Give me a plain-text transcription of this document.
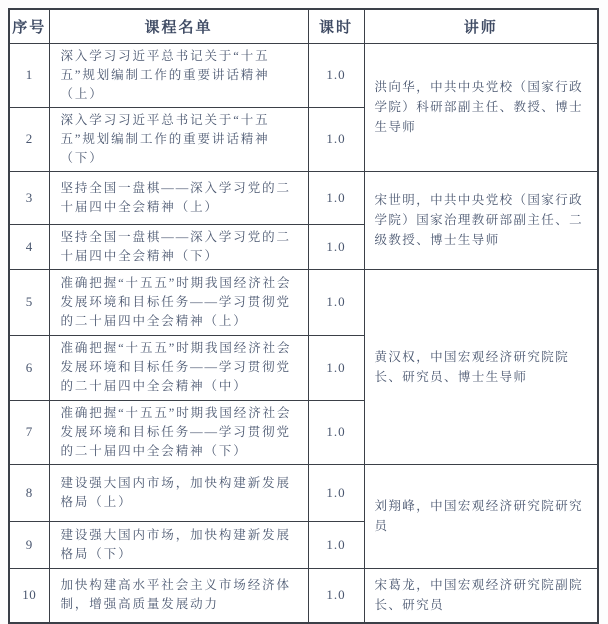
序号	课程名单	课时	讲师
1	深入学习习近平总书记关于“十五五”规划编制工作的重要讲话精神（上）	1.0	洪向华，中共中央党校（国家行政学院）科研部副主任、教授、博士生导师
2	深入学习习近平总书记关于“十五五”规划编制工作的重要讲话精神（下）	1.0	
3	坚持全国一盘棋——深入学习党的二十届四中全会精神（上）	1.0	宋世明，中共中央党校（国家行政学院）国家治理教研部副主任、二级教授、博士生导师
4	坚持全国一盘棋——深入学习党的二十届四中全会精神（下）	1.0	
5	准确把握“十五五”时期我国经济社会发展环境和目标任务——学习贯彻党的二十届四中全会精神（上）	1.0	黄汉权，中国宏观经济研究院院长、研究员、博士生导师
6	准确把握“十五五”时期我国经济社会发展环境和目标任务——学习贯彻党的二十届四中全会精神（中）	1.0	
7	准确把握“十五五”时期我国经济社会发展环境和目标任务——学习贯彻党的二十届四中全会精神（下）	1.0	
8	建设强大国内市场，加快构建新发展格局（上）	1.0	刘翔峰，中国宏观经济研究院研究员
9	建设强大国内市场，加快构建新发展格局（下）	1.0	
10	加快构建高水平社会主义市场经济体制，增强高质量发展动力	1.0	宋葛龙，中国宏观经济研究院副院长、研究员
